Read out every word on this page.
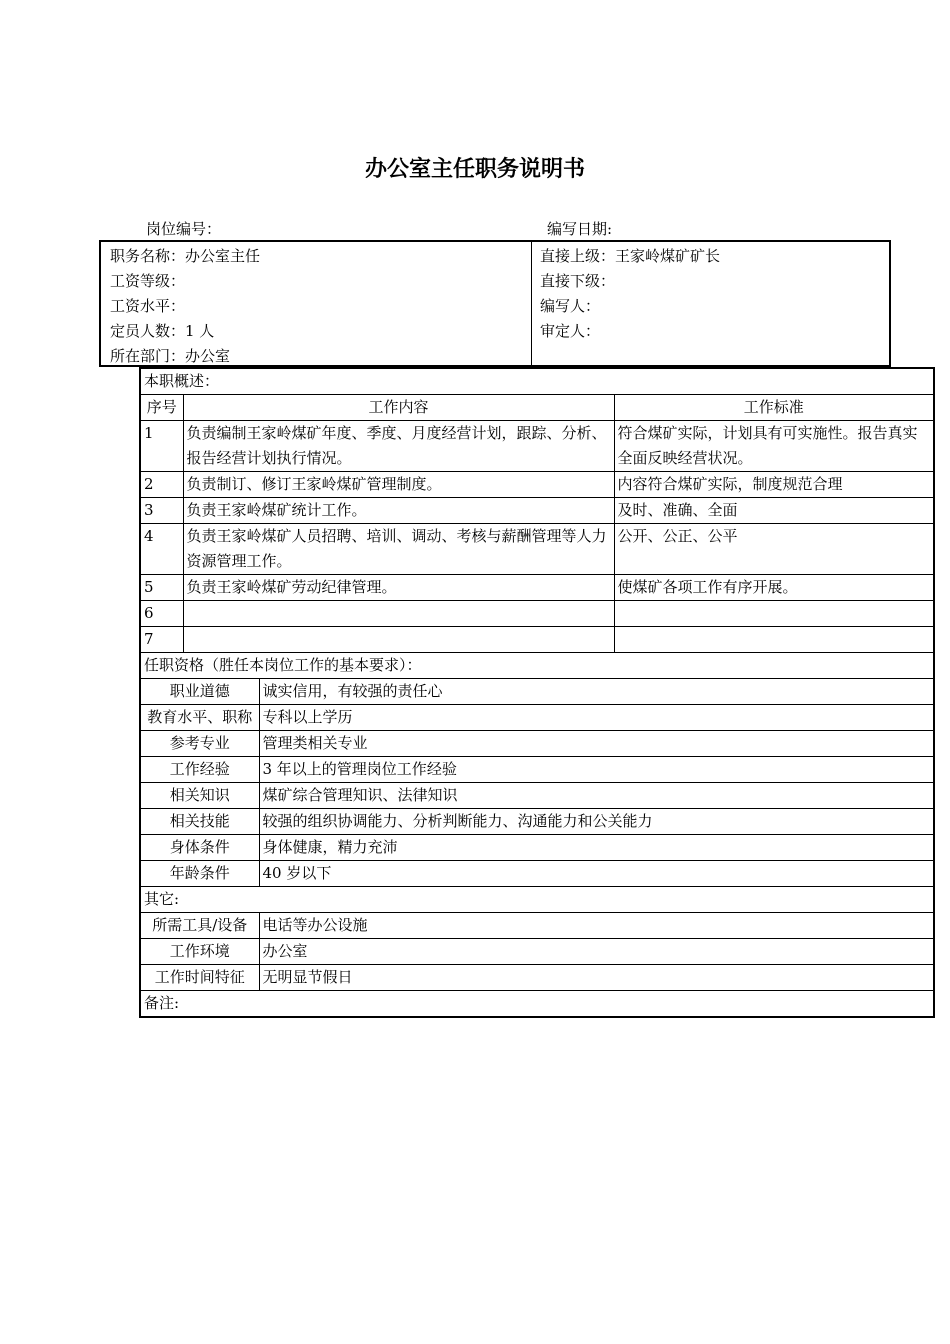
办公室主任职务说明书
岗位编号：	编写日期:
职务名称：办公室主任
工资等级：
工资水平：
定员人数：1 人
所在部门：办公室
直接上级：王家岭煤矿矿长
直接下级：
编写人：
审定人：
本职概述：			
序号	工作内容		工作标准
1	负责编制王家岭煤矿年度、季度、月度经营计划，跟踪、分析、报告经营计划执行情况。		符合煤矿实际，计划具有可实施性。报告真实全面反映经营状况。
2	负责制订、修订王家岭煤矿管理制度。		内容符合煤矿实际，制度规范合理
3	负责王家岭煤矿统计工作。		及时、准确、全面
4	负责王家岭煤矿人员招聘、培训、调动、考核与薪酬管理等人力资源管理工作。		公开、公正、公平
5	负责王家岭煤矿劳动纪律管理。		使煤矿各项工作有序开展。
6			
7			
任职资格（胜任本岗位工作的基本要求）：			
职业道德		诚实信用，有较强的责任心	
教育水平、职称		专科以上学历	
参考专业		管理类相关专业	
工作经验		3 年以上的管理岗位工作经验	
相关知识		煤矿综合管理知识、法律知识	
相关技能		较强的组织协调能力、分析判断能力、沟通能力和公关能力	
身体条件		身体健康，精力充沛	
年龄条件		40 岁以下	
其它:			
所需工具/设备		电话等办公设施	
工作环境		办公室	
工作时间特征		无明显节假日	
备注:			
